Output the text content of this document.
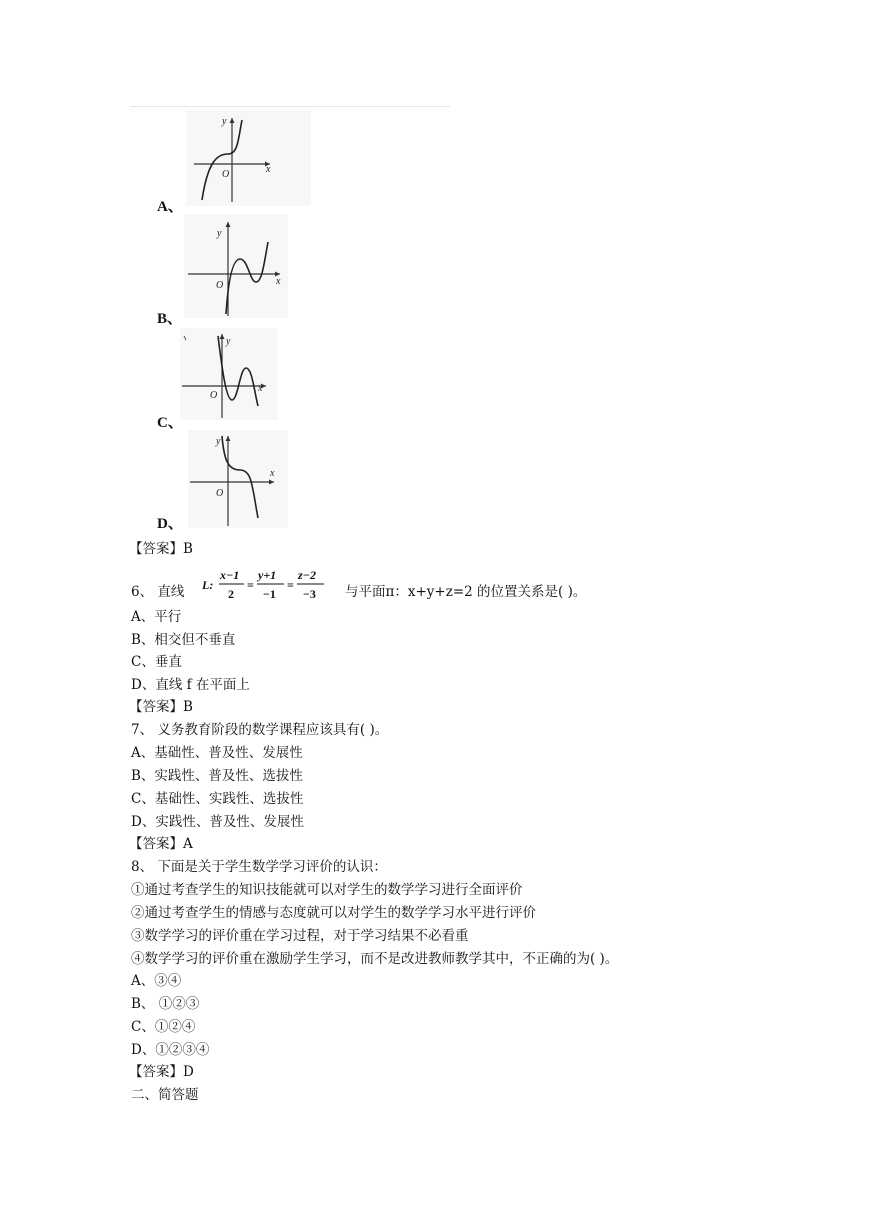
y
x
O
A、
y
x
O
B、
y
x
O
C、
y
x
O
D、
【答案】B
6、 直线 L:
x−1
2
=
y+1
−1
=
z−2
−3 与平面π：x+y+z=2 的位置关系是( )。
A、平行
B、相交但不垂直
C、垂直
D、直线 f 在平面上
【答案】B
7、 义务教育阶段的数学课程应该具有( )。
A、基础性、普及性、发展性
B、实践性、普及性、选拔性
C、基础性、实践性、选拔性
D、实践性、普及性、发展性
【答案】A
8、 下面是关于学生数学学习评价的认识：
①通过考查学生的知识技能就可以对学生的数学学习进行全面评价
②通过考查学生的情感与态度就可以对学生的数学学习水平进行评价
③数学学习的评价重在学习过程，对于学习结果不必看重
④数学学习的评价重在激励学生学习，而不是改进教师教学其中，不正确的为( )。
A、③④
B、 ①②③
C、①②④
D、①②③④
【答案】D
二、简答题
